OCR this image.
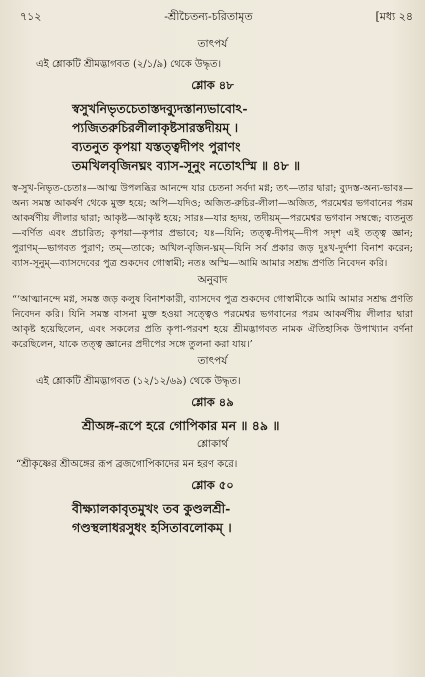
৭১২	-শ্রীচৈতন্য-চরিতামৃত	[মধ্য ২৪

তাৎপর্য

এই শ্লোকটি শ্রীমদ্ভাগবত (২/১/৯) থেকে উদ্ধৃত।

শ্লোক ৪৮

স্বসুখনিভৃতচেতাস্তদ্ব্যুদস্তান্যভাবোঽ-

প্যজিতরুচিরলীলাকৃষ্টসারস্তদীয়ম্ ।

ব্যতনুত কৃপয়া যস্তত্ত্বদীপং পুরাণং

তমখিলবৃজিনঘ্নং ব্যাস-সূনুং নতোঽস্মি ॥ ৪৮ ॥

স্ব-সুখ-নিভৃত-চেতাঃ—আত্ম উপলব্ধির আনন্দে যার চেতনা সর্বদা মগ্ন; তৎ—তার দ্বারা; ব্যুদস্ত-অন্য-ভাবঃ—অন্য সমস্ত আকর্ষণ থেকে মুক্ত হয়ে; অপি—যদিও; অজিত-রুচির-লীলা—অজিত, পরমেশ্বর ভগবানের পরম আকর্ষণীয় লীলার দ্বারা; আকৃষ্ট—আকৃষ্ট হয়ে; সারঃ—যার হৃদয়, তদীয়ম্—পরমেশ্বর ভগবান সম্বন্ধে; ব্যতনুত—বর্ণিত এবং প্রচারিত; কৃপয়া—কৃপার প্রভাবে; যঃ—যিনি; তত্ত্ব-দীপম্—দীপ সদৃশ এই তত্ত্ব জ্ঞান; পুরাণম্—ভাগবত পুরাণ; তম্—তাকে; অখিল-বৃজিন-ঘ্নম্—যিনি সর্ব প্রকার জড় দুঃখ-দুর্দশা বিনাশ করেন; ব্যাস-সূনুম্—ব্যাসদেবের পুত্র শুকদেব গোস্বামী; নতঃ অস্মি—আমি আমার সশ্রদ্ধ প্রণতি নিবেদন করি।

অনুবাদ

“‘আত্মানন্দে মগ্ন, সমস্ত জড় কলুষ বিনাশকারী, ব্যাসদেব পুত্র শুকদেব গোস্বামীকে আমি আমার সশ্রদ্ধ প্রণতি নিবেদন করি। যিনি সমস্ত বাসনা মুক্ত হওয়া সত্ত্বেও পরমেশ্বর ভগবানের পরম আকর্ষণীয় লীলার দ্বারা আকৃষ্ট হয়েছিলেন, এবং সকলের প্রতি কৃপা-পরবশ হয়ে শ্রীমদ্ভাগবত নামক ঐতিহাসিক উপাখ্যান বর্ণনা করেছিলেন, যাকে তত্ত্ব জ্ঞানের প্রদীপের সঙ্গে তুলনা করা যায়।’

তাৎপর্য

এই শ্লোকটি শ্রীমদ্ভাগবত (১২/১২/৬৯) থেকে উদ্ধৃত।

শ্লোক ৪৯

শ্রীঅঙ্গ-রূপে হরে গোপিকার মন ॥ ৪৯ ॥

শ্লোকার্থ

“শ্রীকৃষ্ণের শ্রীঅঙ্গের রূপ ব্রজগোপিকাদের মন হরণ করে।

শ্লোক ৫০

বীক্ষ্যালকাবৃতমুখং তব কুণ্ডলশ্রী-

গণ্ডস্থলাধরসুধং হসিতাবলোকম্ ।
